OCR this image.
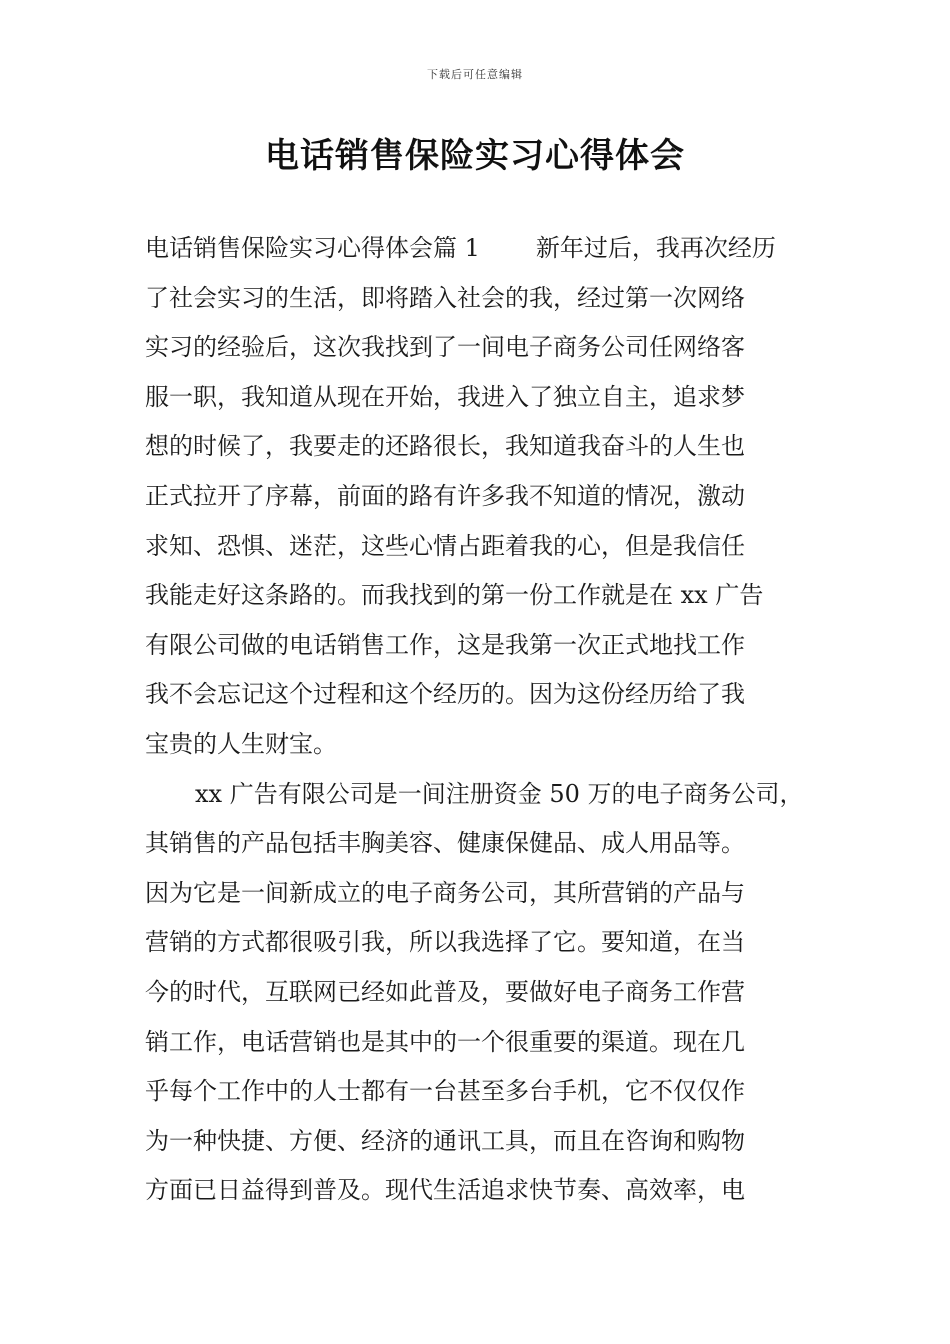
下载后可任意编辑
电话销售保险实习心得体会

电话销售保险实习心得体会篇 1 新年过后，我再次经历
了社会实习的生活，即将踏入社会的我，经过第一次网络
实习的经验后，这次我找到了一间电子商务公司任网络客
服一职，我知道从现在开始，我进入了独立自主，追求梦
想的时候了，我要走的还路很长，我知道我奋斗的人生也
正式拉开了序幕，前面的路有许多我不知道的情况，激动
求知、恐惧、迷茫，这些心情占距着我的心，但是我信任
我能走好这条路的。而我找到的第一份工作就是在 xx 广告
有限公司做的电话销售工作，这是我第一次正式地找工作
我不会忘记这个过程和这个经历的。因为这份经历给了我
宝贵的人生财宝。

xx 广告有限公司是一间注册资金 50 万的电子商务公司，
其销售的产品包括丰胸美容、健康保健品、成人用品等。
因为它是一间新成立的电子商务公司，其所营销的产品与
营销的方式都很吸引我，所以我选择了它。要知道，在当
今的时代，互联网已经如此普及，要做好电子商务工作营
销工作，电话营销也是其中的一个很重要的渠道。现在几
乎每个工作中的人士都有一台甚至多台手机，它不仅仅作
为一种快捷、方便、经济的通讯工具，而且在咨询和购物
方面已日益得到普及。现代生活追求快节奏、高效率，电
